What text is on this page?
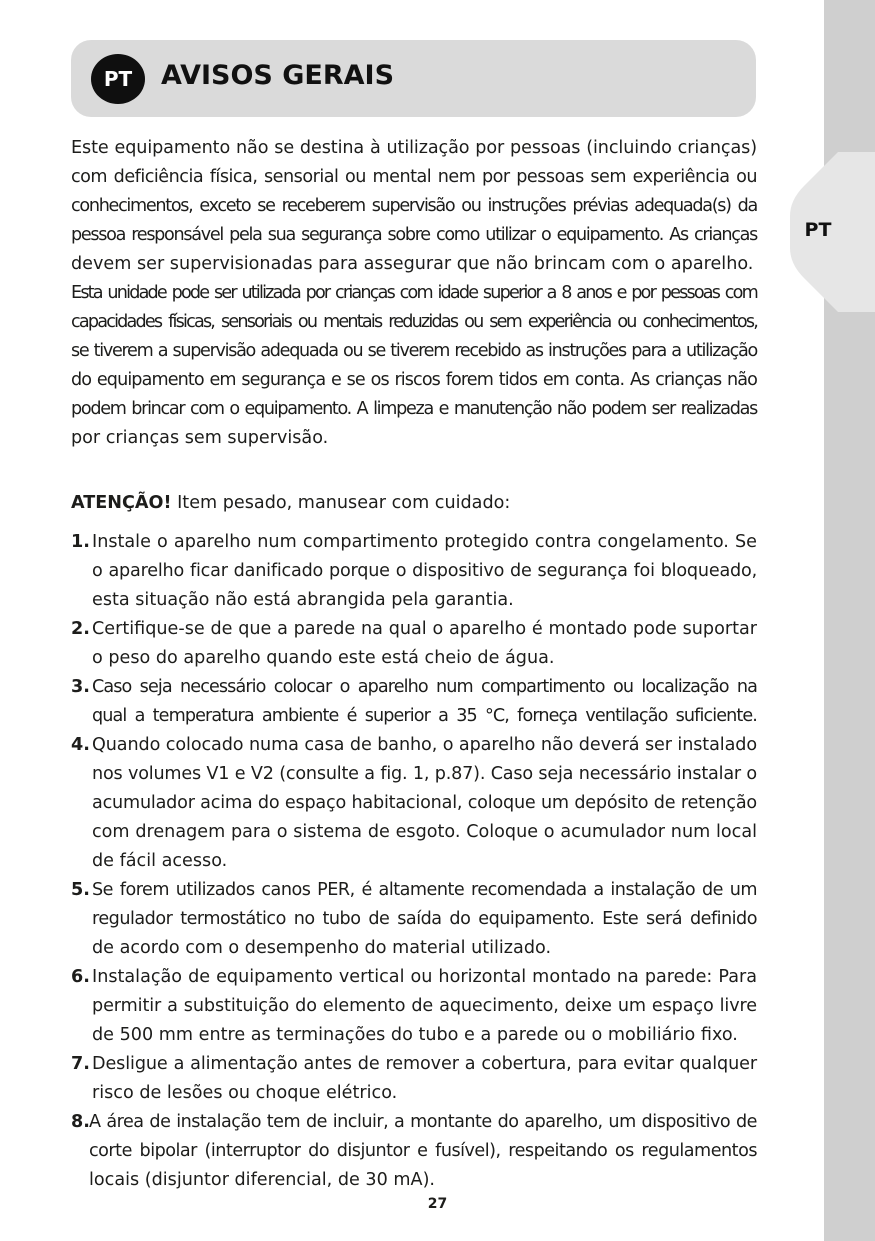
PT
PT	AVISOS GERAIS
Este equipamento não se destina à utilização por pessoas (incluindo crianças)
com deficiência física, sensorial ou mental nem por pessoas sem experiência ou
conhecimentos, exceto se receberem supervisão ou instruções prévias adequada(s) da
pessoa responsável pela sua segurança sobre como utilizar o equipamento. As crianças
devem ser supervisionadas para assegurar que não brincam com o aparelho.
Esta unidade pode ser utilizada por crianças com idade superior a 8 anos e por pessoas com
capacidades físicas, sensoriais ou mentais reduzidas ou sem experiência ou conhecimentos,
se tiverem a supervisão adequada ou se tiverem recebido as instruções para a utilização
do equipamento em segurança e se os riscos forem tidos em conta. As crianças não
podem brincar com o equipamento. A limpeza e manutenção não podem ser realizadas
por crianças sem supervisão.
ATENÇÃO! Item pesado, manusear com cuidado:
1. Instale o aparelho num compartimento protegido contra congelamento. Se
o aparelho ficar danificado porque o dispositivo de segurança foi bloqueado,
esta situação não está abrangida pela garantia.
2. Certifique-se de que a parede na qual o aparelho é montado pode suportar
o peso do aparelho quando este está cheio de água.
3. Caso seja necessário colocar o aparelho num compartimento ou localização na
qual a temperatura ambiente é superior a 35 °C, forneça ventilação suficiente.
4. Quando colocado numa casa de banho, o aparelho não deverá ser instalado
nos volumes V1 e V2 (consulte a fig. 1, p.87). Caso seja necessário instalar o
acumulador acima do espaço habitacional, coloque um depósito de retenção
com drenagem para o sistema de esgoto. Coloque o acumulador num local
de fácil acesso.
5. Se forem utilizados canos PER, é altamente recomendada a instalação de um
regulador termostático no tubo de saída do equipamento. Este será definido
de acordo com o desempenho do material utilizado.
6. Instalação de equipamento vertical ou horizontal montado na parede: Para
permitir a substituição do elemento de aquecimento, deixe um espaço livre
de 500 mm entre as terminações do tubo e a parede ou o mobiliário fixo.
7. Desligue a alimentação antes de remover a cobertura, para evitar qualquer
risco de lesões ou choque elétrico.
8. A área de instalação tem de incluir, a montante do aparelho, um dispositivo de
corte bipolar (interruptor do disjuntor e fusível), respeitando os regulamentos
locais (disjuntor diferencial, de 30 mA).
27
